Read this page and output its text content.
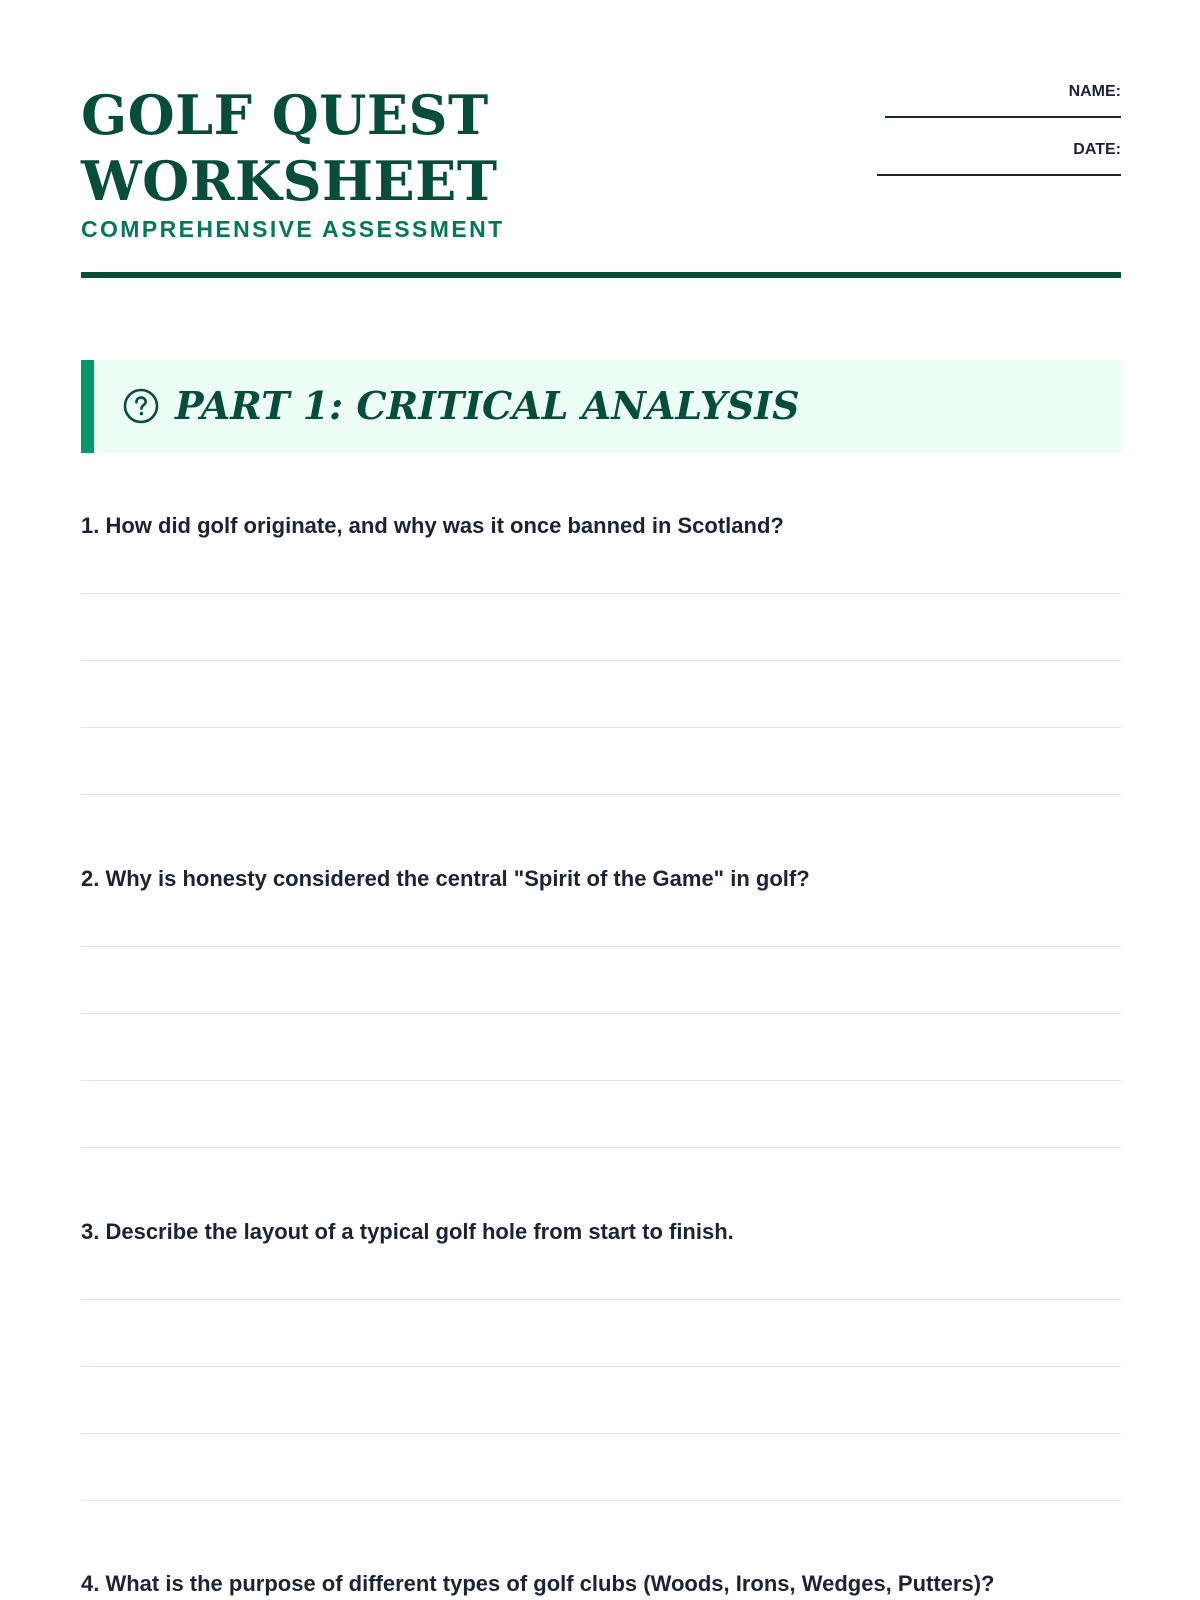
GOLF QUEST
WORKSHEET
COMPREHENSIVE ASSESSMENT
NAME:
DATE:
PART 1: CRITICAL ANALYSIS
1. How did golf originate, and why was it once banned in Scotland?
2. Why is honesty considered the central "Spirit of the Game" in golf?
3. Describe the layout of a typical golf hole from start to finish.
4. What is the purpose of different types of golf clubs (Woods, Irons, Wedges, Putters)?
